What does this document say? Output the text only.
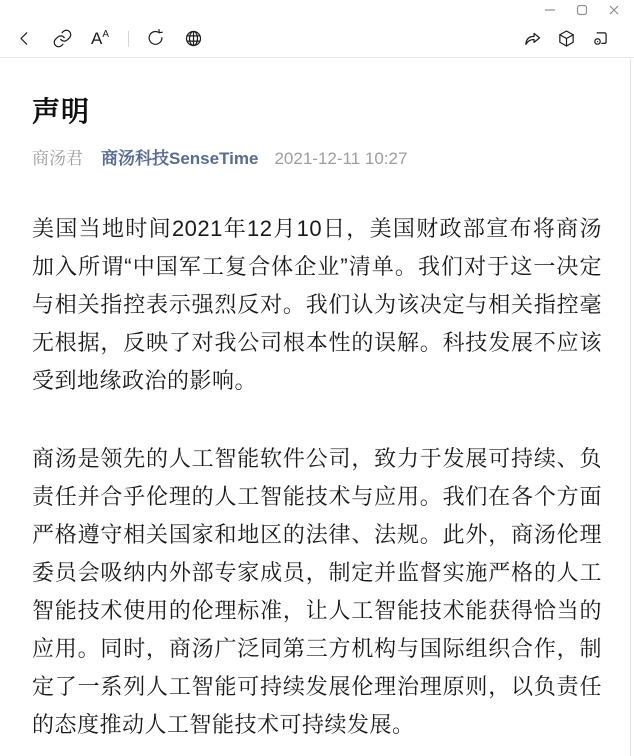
$A^A$
声明
商汤君 商汤科技SenseTime 2021-12-11 10:27

美国当地时间2021年12月10日，美国财政部宣布将商汤加入所谓“中国军工复合体企业”清单。我们对于这一决定与相关指控表示强烈反对。我们认为该决定与相关指控毫无根据，反映了对我公司根本性的误解。科技发展不应该受到地缘政治的影响。

商汤是领先的人工智能软件公司，致力于发展可持续、负责任并合乎伦理的人工智能技术与应用。我们在各个方面严格遵守相关国家和地区的法律、法规。此外，商汤伦理委员会吸纳内外部专家成员，制定并监督实施严格的人工智能技术使用的伦理标准，让人工智能技术能获得恰当的应用。同时，商汤广泛同第三方机构与国际组织合作，制定了一系列人工智能可持续发展伦理治理原则，以负责任的态度推动人工智能技术可持续发展。
